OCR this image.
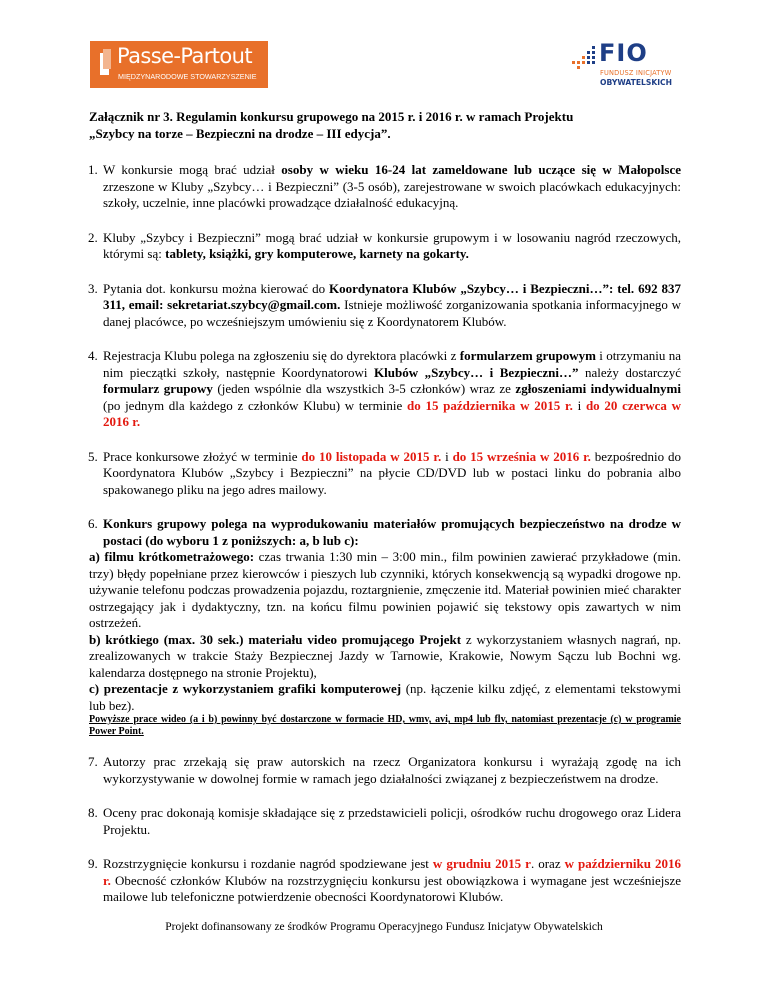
Passe-Partout
MIĘDZYNARODOWE STOWARZYSZENIE
FIO
FUNDUSZ INICJATYW
OBYWATELSKICH

Załącznik nr 3. Regulamin konkursu grupowego na 2015 r. i 2016 r. w ramach Projektu
„Szybcy na torze – Bezpieczni na drodze – III edycja”.

1. W konkursie mogą brać udział osoby w wieku 16-24 lat zameldowane lub uczące się w Małopolsce zrzeszone w Kluby „Szybcy… i Bezpieczni” (3-5 osób), zarejestrowane w swoich placówkach edukacyjnych: szkoły, uczelnie, inne placówki prowadzące działalność edukacyjną.

2. Kluby „Szybcy i Bezpieczni” mogą brać udział w konkursie grupowym i w losowaniu nagród rzeczowych, którymi są: tablety, książki, gry komputerowe, karnety na gokarty.

3. Pytania dot. konkursu można kierować do Koordynatora Klubów „Szybcy… i Bezpieczni…”: tel. 692 837 311, email: sekretariat.szybcy@gmail.com. Istnieje możliwość zorganizowania spotkania informacyjnego w danej placówce, po wcześniejszym umówieniu się z Koordynatorem Klubów.

4. Rejestracja Klubu polega na zgłoszeniu się do dyrektora placówki z formularzem grupowym i otrzymaniu na nim pieczątki szkoły, następnie Koordynatorowi Klubów „Szybcy… i Bezpieczni…” należy dostarczyć formularz grupowy (jeden wspólnie dla wszystkich 3-5 członków) wraz ze zgłoszeniami indywidualnymi (po jednym dla każdego z członków Klubu) w terminie do 15 października w 2015 r. i do 20 czerwca w 2016 r.

5. Prace konkursowe złożyć w terminie do 10 listopada w 2015 r. i do 15 września w 2016 r. bezpośrednio do Koordynatora Klubów „Szybcy i Bezpieczni” na płycie CD/DVD lub w postaci linku do pobrania albo spakowanego pliku na jego adres mailowy.

6. Konkurs grupowy polega na wyprodukowaniu materiałów promujących bezpieczeństwo na drodze w postaci (do wyboru 1 z poniższych: a, b lub c):

a) filmu krótkometrażowego: czas trwania 1:30 min – 3:00 min., film powinien zawierać przykładowe (min. trzy) błędy popełniane przez kierowców i pieszych lub czynniki, których konsekwencją są wypadki drogowe np. używanie telefonu podczas prowadzenia pojazdu, roztargnienie, zmęczenie itd. Materiał powinien mieć charakter ostrzegający jak i dydaktyczny, tzn. na końcu filmu powinien pojawić się tekstowy opis zawartych w nim ostrzeżeń.

b) krótkiego (max. 30 sek.) materiału video promującego Projekt z wykorzystaniem własnych nagrań, np. zrealizowanych w trakcie Staży Bezpiecznej Jazdy w Tarnowie, Krakowie, Nowym Sączu lub Bochni wg. kalendarza dostępnego na stronie Projektu),

c) prezentacje z wykorzystaniem grafiki komputerowej (np. łączenie kilku zdjęć, z elementami tekstowymi lub bez).

Powyższe prace wideo (a i b) powinny być dostarczone w formacie HD, wmv, avi, mp4 lub flv, natomiast prezentacje (c) w programie Power Point.

7. Autorzy prac zrzekają się praw autorskich na rzecz Organizatora konkursu i wyrażają zgodę na ich wykorzystywanie w dowolnej formie w ramach jego działalności związanej z bezpieczeństwem na drodze.

8. Oceny prac dokonają komisje składające się z przedstawicieli policji, ośrodków ruchu drogowego oraz Lidera Projektu.

9. Rozstrzygnięcie konkursu i rozdanie nagród spodziewane jest w grudniu 2015 r. oraz w październiku 2016 r. Obecność członków Klubów na rozstrzygnięciu konkursu jest obowiązkowa i wymagane jest wcześniejsze mailowe lub telefoniczne potwierdzenie obecności Koordynatorowi Klubów.

Projekt dofinansowany ze środków Programu Operacyjnego Fundusz Inicjatyw Obywatelskich
